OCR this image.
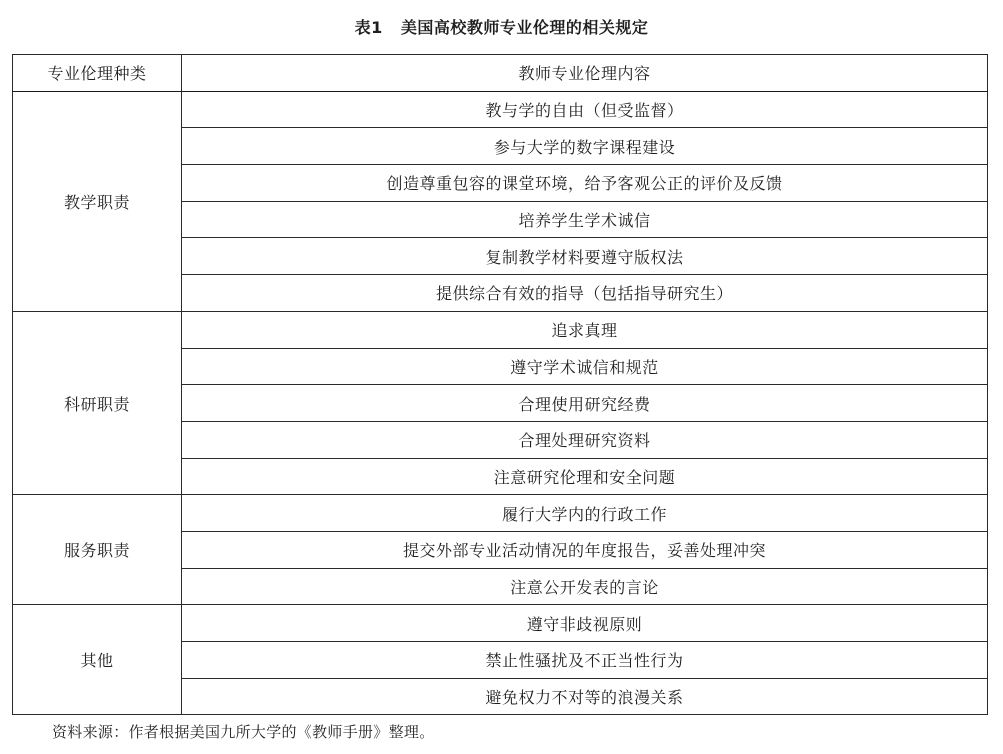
表1 美国高校教师专业伦理的相关规定
专业伦理种类	教师专业伦理内容
教学职责	教与学的自由（但受监督）
	参与大学的数字课程建设
	创造尊重包容的课堂环境，给予客观公正的评价及反馈
	培养学生学术诚信
	复制教学材料要遵守版权法
	提供综合有效的指导（包括指导研究生）
科研职责	追求真理
	遵守学术诚信和规范
	合理使用研究经费
	合理处理研究资料
	注意研究伦理和安全问题
服务职责	履行大学内的行政工作
	提交外部专业活动情况的年度报告，妥善处理冲突
	注意公开发表的言论
其他	遵守非歧视原则
	禁止性骚扰及不正当性行为
	避免权力不对等的浪漫关系
资料来源：作者根据美国九所大学的《教师手册》整理。
